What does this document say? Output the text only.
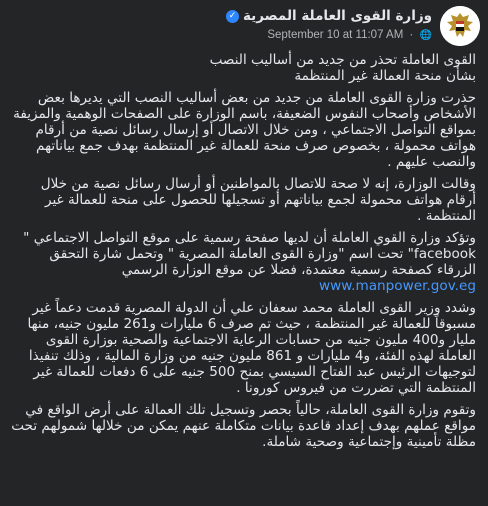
وزارة القوى العاملة المصرية
✓
September 10 at 11:07 AM · 🌐

القوى العاملة تحذر من جديد من أساليب النصب
بشأن منحة العمالة غير المنتظمة

حذرت وزارة القوى العاملة من جديد من بعض أساليب النصب التي يديرها بعض الأشخاص وأصحاب النفوس الضعيفة، باسم الوزارة على الصفحات الوهمية والمزيفة بمواقع التواصل الاجتماعي ، ومن خلال الاتصال أو إرسال رسائل نصية من أرقام هواتف محمولة ، بخصوص صرف منحة للعمالة غير المنتظمة بهدف جمع بياناتهم والنصب عليهم .

وقالت الوزارة، إنه لا صحة للاتصال بالمواطنين أو أرسال رسائل نصية من خلال أرقام هواتف محمولة لجمع بياناتهم أو تسجيلها للحصول على منحة للعمالة غير المنتظمة .

وتؤكد وزارة القوي العاملة أن لديها صفحة رسمية على موقع التواصل الاجتماعي " facebook" تحت اسم "وزارة القوى العاملة المصرية " وتحمل شارة التحقق الزرقاء كصفحة رسمية معتمدة، فضلا عن موقع الوزارة الرسمي
www.manpower.gov.eg

وشدد وزير القوى العاملة محمد سعفان علي أن الدولة المصرية قدمت دعماً غير مسبوقاً للعمالة غير المنتظمة ، حيث تم صرف 6 مليارات و261 مليون جنيه، منها مليار و400 مليون جنيه من حسابات الرعاية الاجتماعية والصحية بوزارة القوى العاملة لهذه الفئة، و4 مليارات و 861 مليون جنيه من وزارة المالية ، وذلك تنفيذا لتوجيهات الرئيس عبد الفتاح السيسي بمنح 500 جنيه على 6 دفعات للعمالة غير المنتظمة التي تضررت من فيروس كورونا .

وتقوم وزارة القوى العاملة، حالياً بحصر وتسجيل تلك العمالة على أرض الواقع في مواقع عملهم بهدف إعداد قاعدة بيانات متكاملة عنهم يمكن من خلالها شمولهم تحت مظلة تأمينية وإجتماعية وصحية شاملة.
